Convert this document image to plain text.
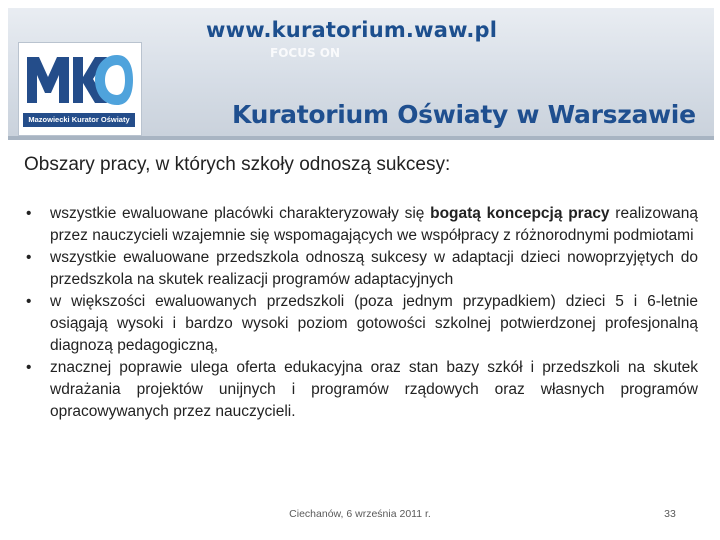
www.kuratorium.waw.pl
FOCUS ON
Mazowiecki Kurator Oświaty	Kuratorium Oświaty w Warszawie
Obszary pracy, w których szkoły odnoszą sukcesy:
•	wszystkie ewaluowane placówki charakteryzowały się bogatą koncepcją pracy realizowaną przez nauczycieli wzajemnie się wspomagających we współpracy z różnorodnymi podmiotami
•	wszystkie ewaluowane przedszkola odnoszą sukcesy w adaptacji dzieci nowoprzyjętych do przedszkola na skutek realizacji programów adaptacyjnych
•	w większości ewaluowanych przedszkoli (poza jednym przypadkiem) dzieci 5 i 6-letnie osiągają wysoki i bardzo wysoki poziom gotowości szkolnej potwierdzonej profesjonalną diagnozą pedagogiczną,
•	znacznej poprawie ulega oferta edukacyjna oraz stan bazy szkół i przedszkoli na skutek wdrażania projektów unijnych i programów rządowych oraz własnych programów opracowywanych przez nauczycieli.
Ciechanów, 6 września 2011 r.	33
